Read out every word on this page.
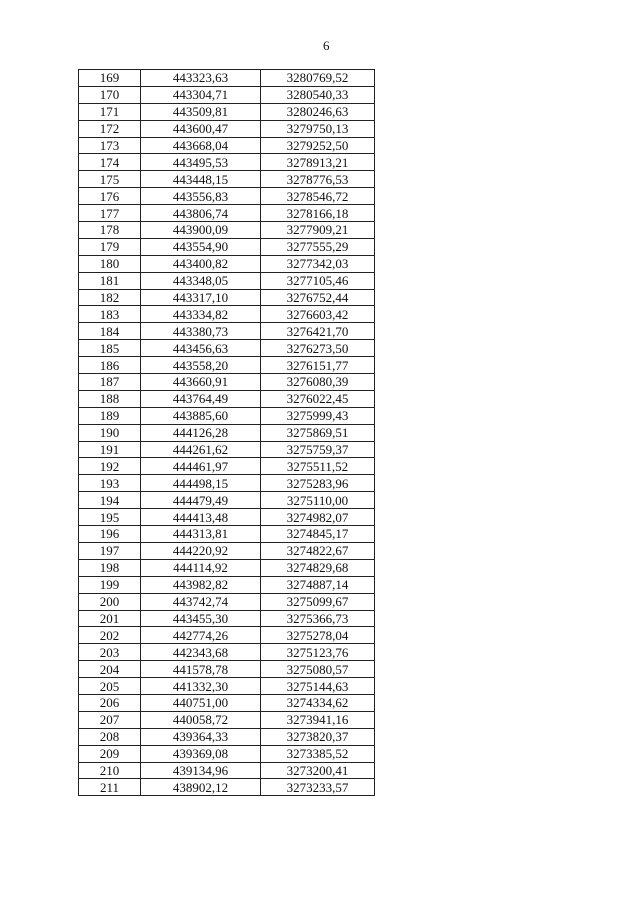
6
169	443323,63	3280769,52
170	443304,71	3280540,33
171	443509,81	3280246,63
172	443600,47	3279750,13
173	443668,04	3279252,50
174	443495,53	3278913,21
175	443448,15	3278776,53
176	443556,83	3278546,72
177	443806,74	3278166,18
178	443900,09	3277909,21
179	443554,90	3277555,29
180	443400,82	3277342,03
181	443348,05	3277105,46
182	443317,10	3276752,44
183	443334,82	3276603,42
184	443380,73	3276421,70
185	443456,63	3276273,50
186	443558,20	3276151,77
187	443660,91	3276080,39
188	443764,49	3276022,45
189	443885,60	3275999,43
190	444126,28	3275869,51
191	444261,62	3275759,37
192	444461,97	3275511,52
193	444498,15	3275283,96
194	444479,49	3275110,00
195	444413,48	3274982,07
196	444313,81	3274845,17
197	444220,92	3274822,67
198	444114,92	3274829,68
199	443982,82	3274887,14
200	443742,74	3275099,67
201	443455,30	3275366,73
202	442774,26	3275278,04
203	442343,68	3275123,76
204	441578,78	3275080,57
205	441332,30	3275144,63
206	440751,00	3274334,62
207	440058,72	3273941,16
208	439364,33	3273820,37
209	439369,08	3273385,52
210	439134,96	3273200,41
211	438902,12	3273233,57
